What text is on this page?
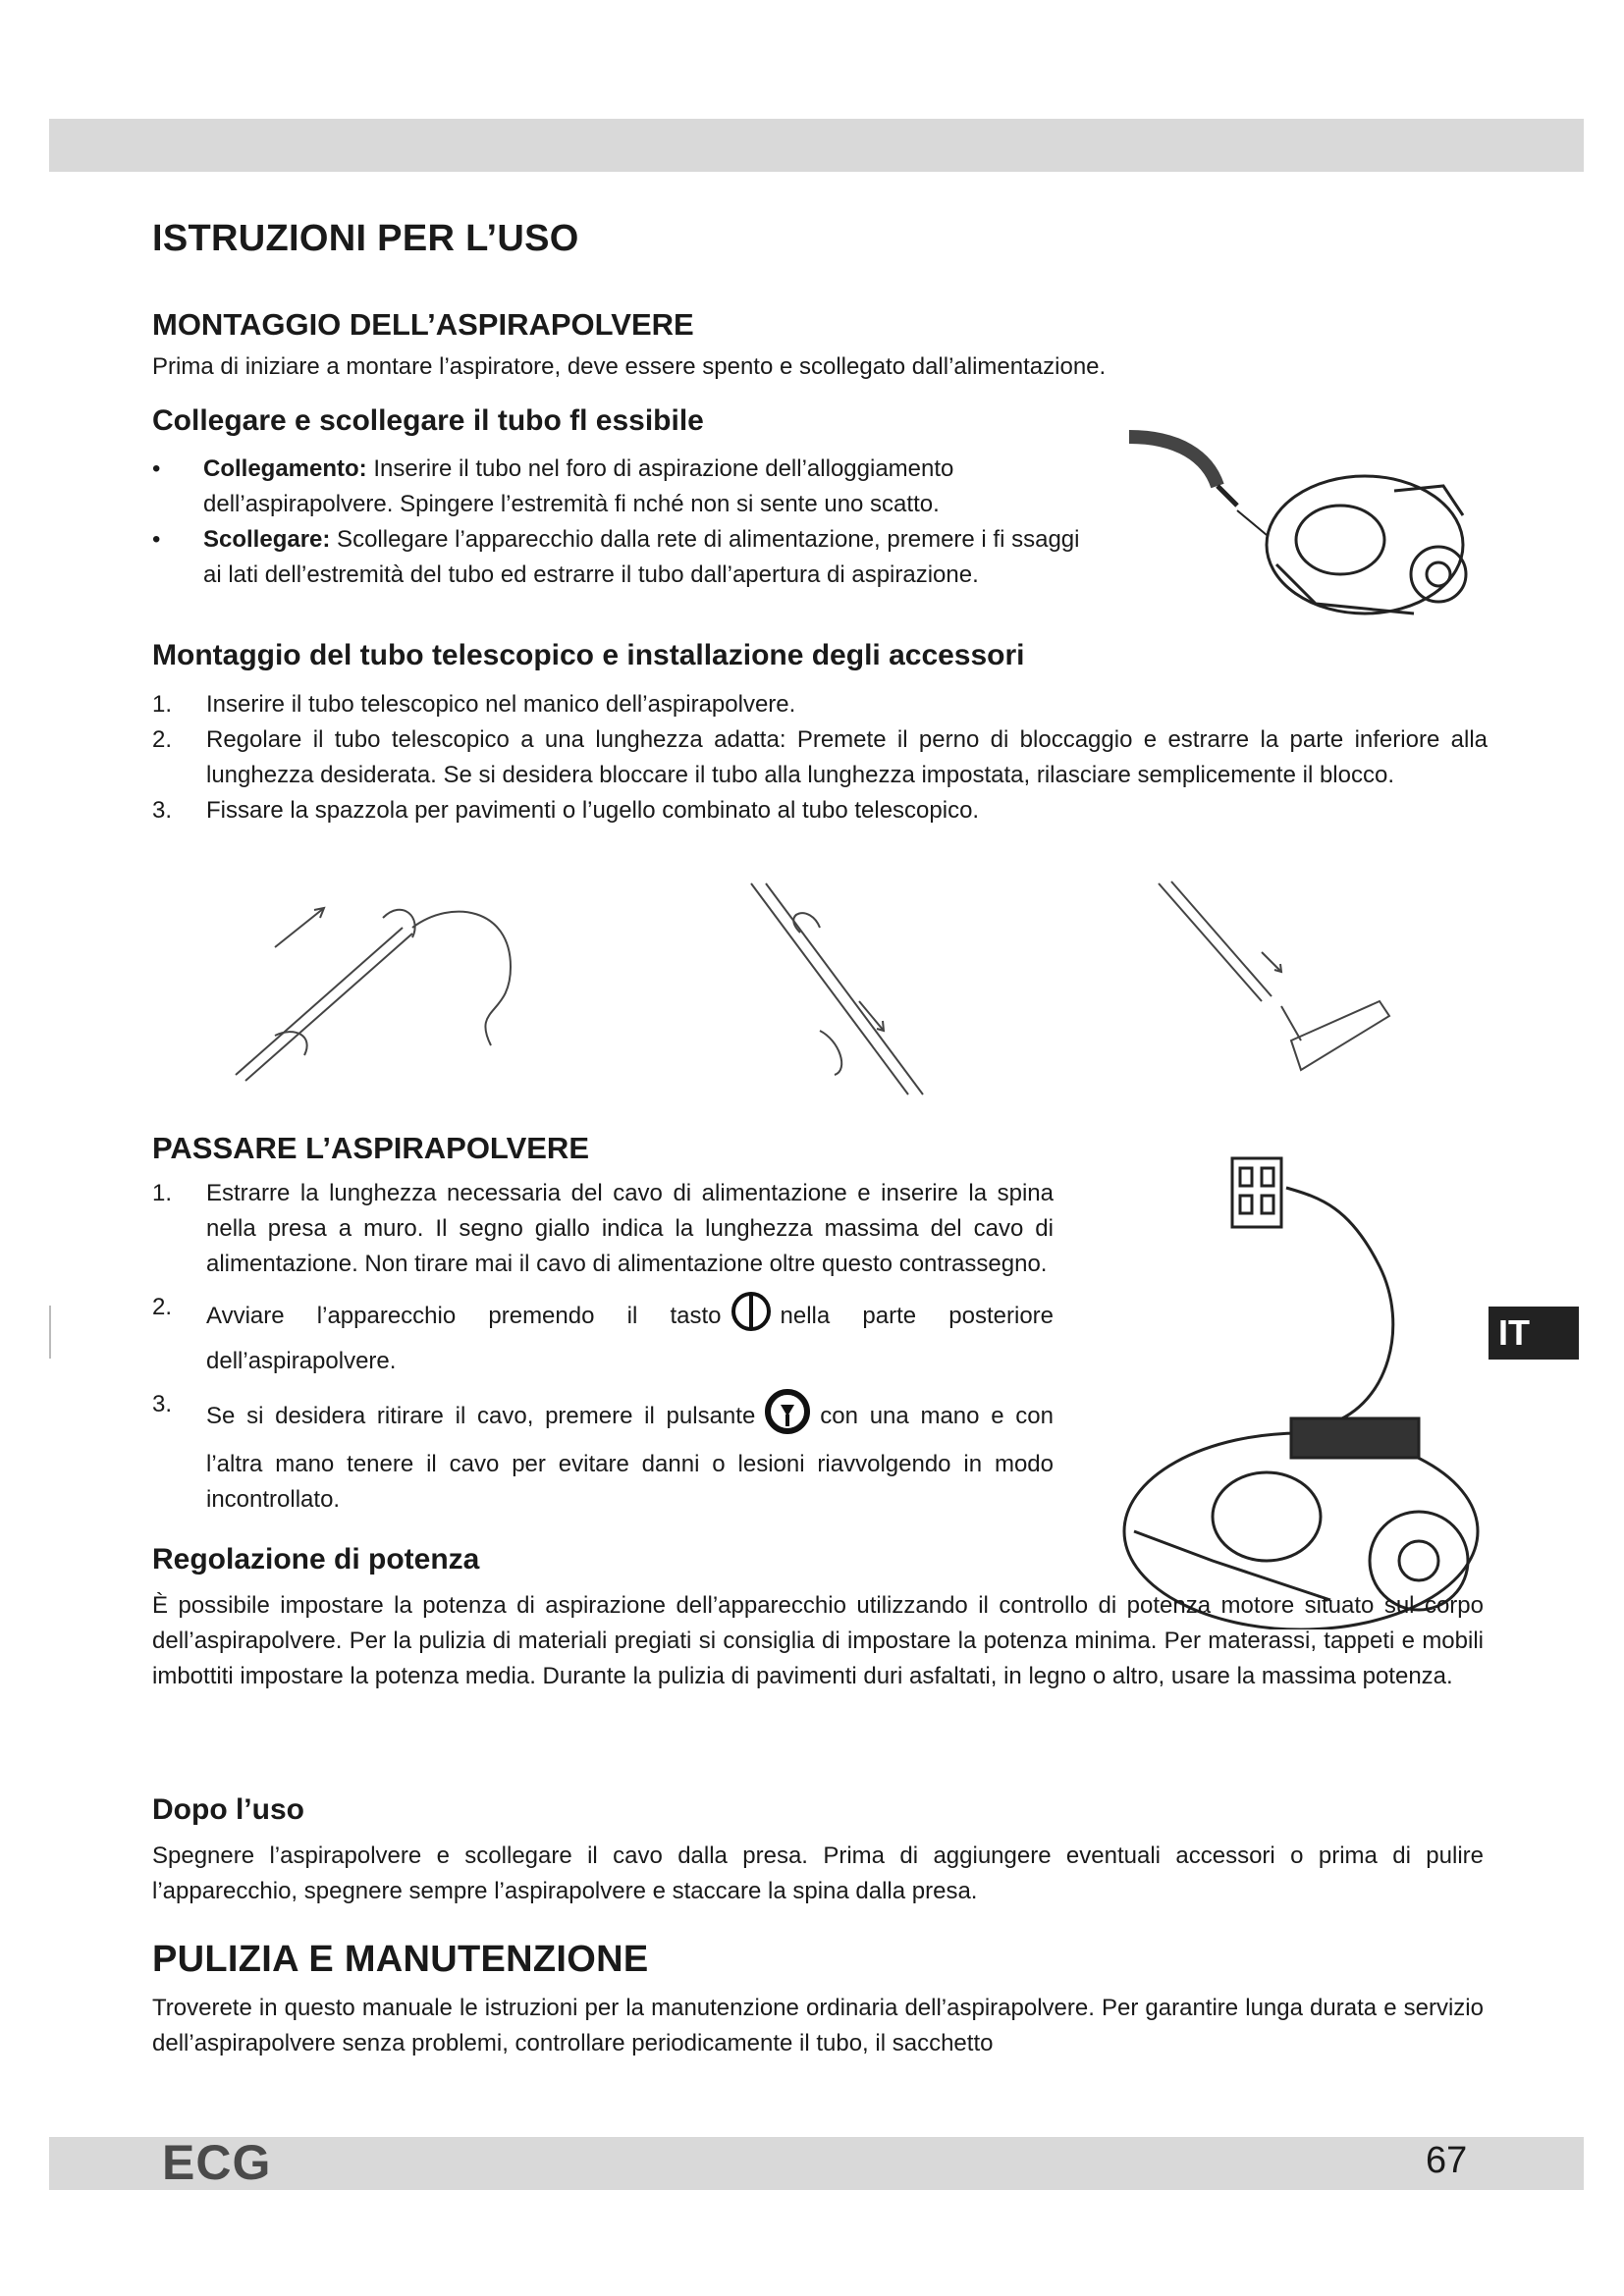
ISTRUZIONI PER L’USO
MONTAGGIO DELL’ASPIRAPOLVERE

Prima di iniziare a montare l’aspiratore, deve essere spento e scollegato dall’alimentazione.

Collegare e scollegare il tubo fl essibile
• Collegamento: Inserire il tubo nel foro di aspirazione dell’alloggiamento dell’aspirapolvere. Spingere l’estremità fi nché non si sente uno scatto.
• Scollegare: Scollegare l’apparecchio dalla rete di alimentazione, premere i fi ssaggi ai lati dell’estremità del tubo ed estrarre il tubo dall’apertura di aspirazione.
Montaggio del tubo telescopico e installazione degli accessori
1. Inserire il tubo telescopico nel manico dell’aspirapolvere.
2. Regolare il tubo telescopico a una lunghezza adatta: Premete il perno di bloccaggio e estrarre la parte inferiore alla lunghezza desiderata. Se si desidera bloccare il tubo alla lunghezza impostata, rilasciare semplicemente il blocco.
3. Fissare la spazzola per pavimenti o l’ugello combinato al tubo telescopico.
PASSARE L’ASPIRAPOLVERE
1. Estrarre la lunghezza necessaria del cavo di alimentazione e inserire la spina nella presa a muro. Il segno giallo indica la lunghezza massima del cavo di alimentazione. Non tirare mai il cavo di alimentazione oltre questo contrassegno.
2. Avviare l’apparecchio premendo il tasto	nella parte posteriore dell’aspirapolvere.
3. Se si desidera ritirare il cavo, premere il pulsante	con una mano e con l’altra mano tenere il cavo per evitare danni o lesioni riavvolgendo in modo incontrollato.
Regolazione di potenza

È possibile impostare la potenza di aspirazione dell’apparecchio utilizzando il controllo di potenza motore situato sul corpo dell’aspirapolvere. Per la pulizia di materiali pregiati si consiglia di impostare la potenza minima. Per materassi, tappeti e mobili imbottiti impostare la potenza media. Durante la pulizia di pavimenti duri asfaltati, in legno o altro, usare la massima potenza.

Dopo l’uso

Spegnere l’aspirapolvere e scollegare il cavo dalla presa. Prima di aggiungere eventuali accessori o prima di pulire l’apparecchio, spegnere sempre l’aspirapolvere e staccare la spina dalla presa.

PULIZIA E MANUTENZIONE

Troverete in questo manuale le istruzioni per la manutenzione ordinaria dell’aspirapolvere. Per garantire lunga durata e servizio dell’aspirapolvere senza problemi, controllare periodicamente il tubo, il sacchetto

IT
ECG	67
